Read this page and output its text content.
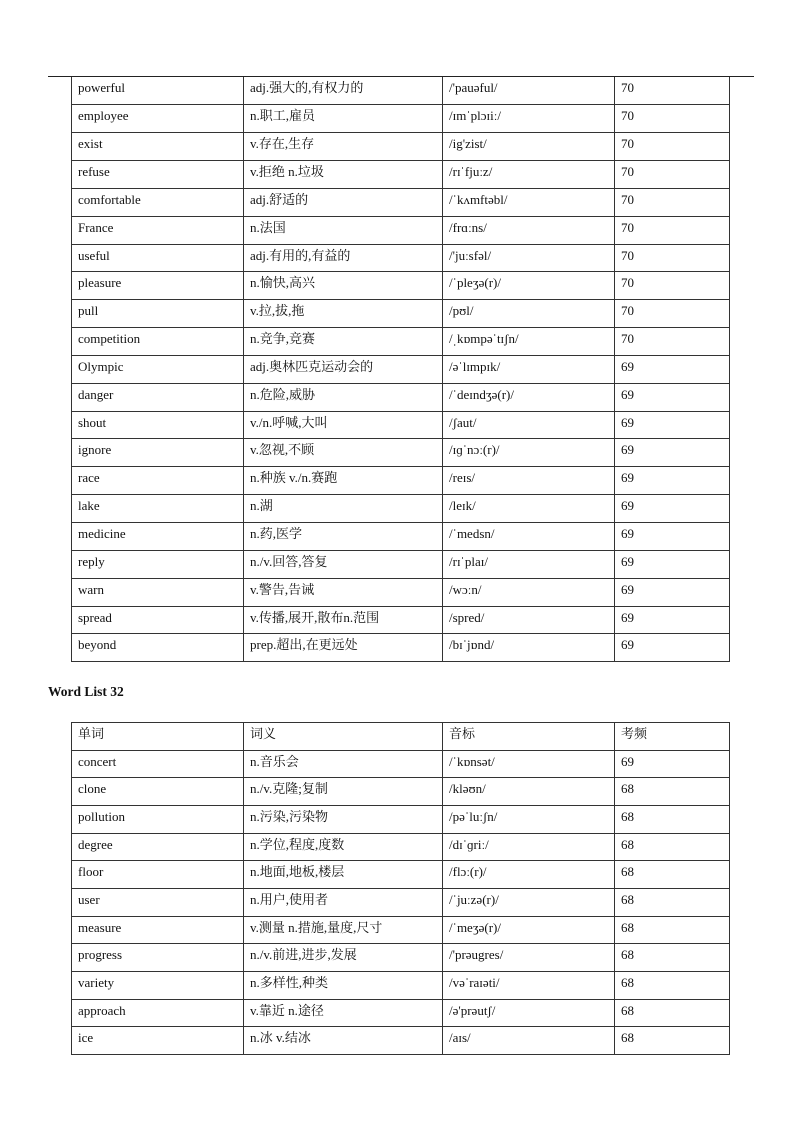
powerful	adj.强大的,有权力的	/'pauəful/	70
employee	n.职工,雇员	/ɪmˈplɔɪiː/	70
exist	v.存在,生存	/ig'zist/	70
refuse	v.拒绝 n.垃圾	/rɪˈfjuːz/	70
comfortable	adj.舒适的	/ˈkʌmftəbl/	70
France	n.法国	/frɑːns/	70
useful	adj.有用的,有益的	/'juːsfəl/	70
pleasure	n.愉快,高兴	/ˈpleʒə(r)/	70
pull	v.拉,拔,拖	/pʊl/	70
competition	n.竞争,竞赛	/ˌkɒmpəˈtɪʃn/	70
Olympic	adj.奥林匹克运动会的	/əˈlɪmpɪk/	69
danger	n.危险,威胁	/ˈdeɪndʒə(r)/	69
shout	v./n.呼喊,大叫	/ʃaut/	69
ignore	v.忽视,不顾	/ɪɡˈnɔː(r)/	69
race	n.种族 v./n.赛跑	/reɪs/	69
lake	n.湖	/leɪk/	69
medicine	n.药,医学	/ˈmedsn/	69
reply	n./v.回答,答复	/rɪˈplaɪ/	69
warn	v.警告,告诫	/wɔːn/	69
spread	v.传播,展开,散布n.范围	/spred/	69
beyond	prep.超出,在更远处	/bɪˈjɒnd/	69
Word List 32
单词	词义	音标	考频
concert	n.音乐会	/ˈkɒnsət/	69
clone	n./v.克隆;复制	/kləʊn/	68
pollution	n.污染,污染物	/pəˈluːʃn/	68
degree	n.学位,程度,度数	/dɪˈɡriː/	68
floor	n.地面,地板,楼层	/flɔː(r)/	68
user	n.用户,使用者	/ˈjuːzə(r)/	68
measure	v.测量 n.措施,量度,尺寸	/ˈmeʒə(r)/	68
progress	n./v.前进,进步,发展	/'prəugres/	68
variety	n.多样性,种类	/vəˈraɪəti/	68
approach	v.靠近 n.途径	/ə'prəutʃ/	68
ice	n.冰 v.结冰	/aɪs/	68
